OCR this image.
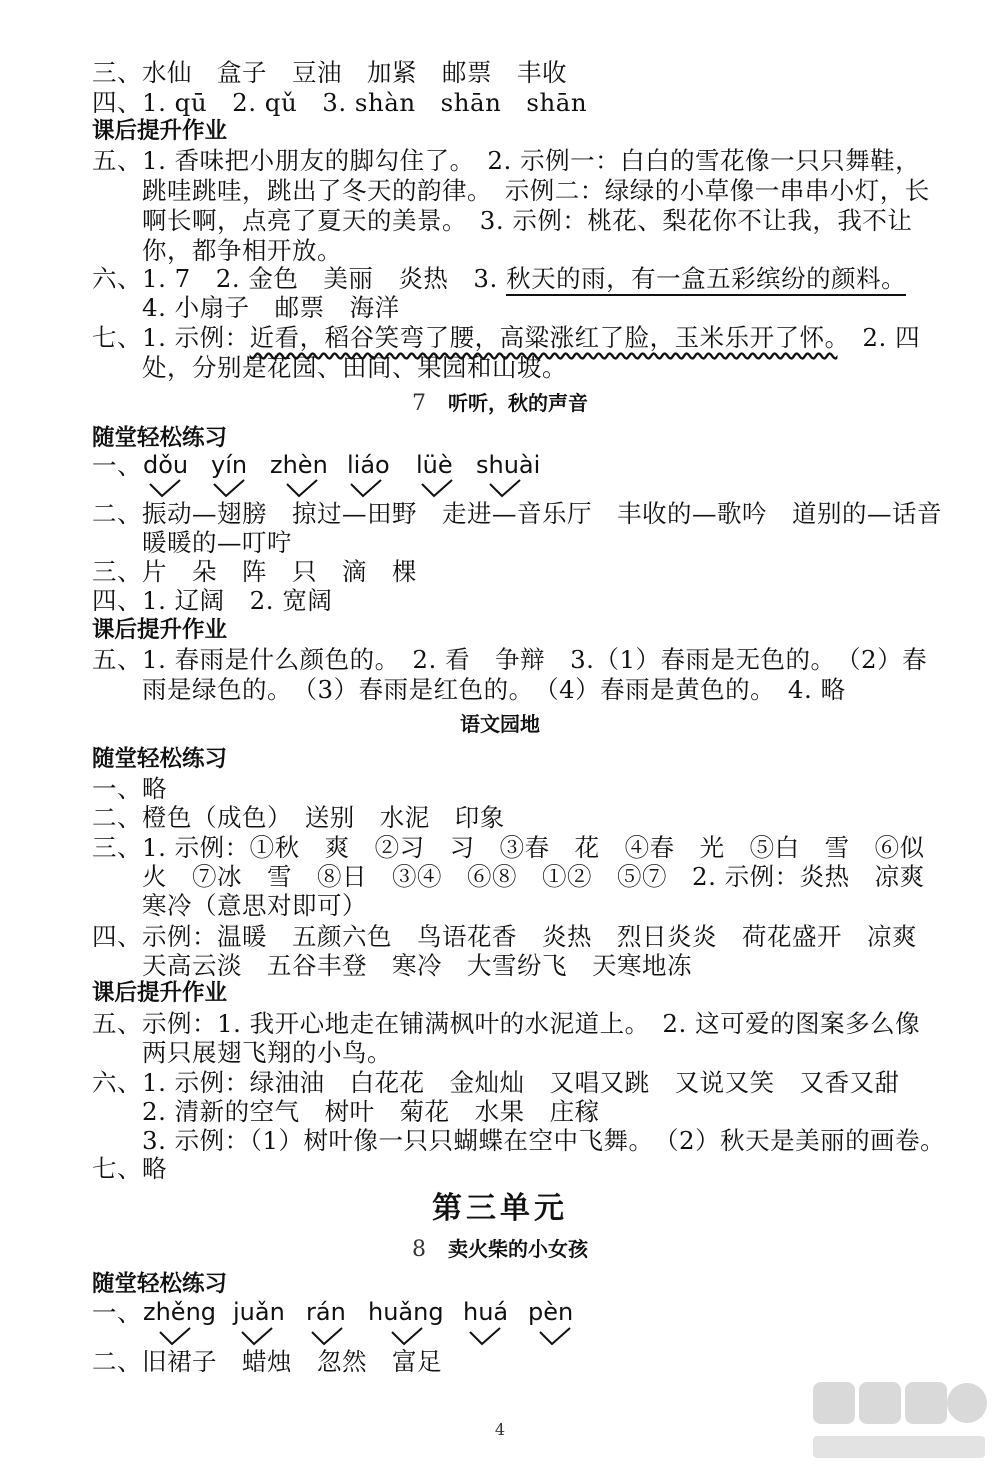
三、水仙　盒子　豆油　加紧　邮票　丰收
四、1. qū　2. qǔ　3. shàn　shān　shān
课后提升作业
五、1. 香味把小朋友的脚勾住了。　2. 示例一：白白的雪花像一只只舞鞋，
跳哇跳哇，跳出了冬天的韵律。　示例二：绿绿的小草像一串串小灯，长
啊长啊，点亮了夏天的美景。　3. 示例：桃花、梨花你不让我，我不让
你，都争相开放。
六、1. 7　2. 金色　美丽　炎热　3. 秋天的雨，有一盒五彩缤纷的颜料。
4. 小扇子　邮票　海洋
七、1. 示例：近看，稻谷笑弯了腰，高粱涨红了脸，玉米乐开了怀。　2. 四
处，分别是花园、田间、果园和山坡。
7 听听，秋的声音
随堂轻松练习
一、 dǒu yín zhèn liáo lüè shuài
二、振动—翅膀　掠过—田野　走进—音乐厅　丰收的—歌吟　道别的—话音
暖暖的—叮咛
三、片　朵　阵　只　滴　棵
四、1. 辽阔　2. 宽阔
课后提升作业
五、1. 春雨是什么颜色的。　2. 看　争辩　3.（1）春雨是无色的。　（2）春
雨是绿色的。　（3）春雨是红色的。　（4）春雨是黄色的。　4. 略
语文园地
随堂轻松练习
一、略
二、橙色（成色）　送别　水泥　印象
三、1. 示例：①秋　爽　②习　习　③春　花　④春　光　⑤白　雪　⑥似
火　⑦冰　雪　⑧日　③④　⑥⑧　①②　⑤⑦　2. 示例：炎热　凉爽
寒冷（意思对即可）
四、示例：温暖　五颜六色　鸟语花香　炎热　烈日炎炎　荷花盛开　凉爽
天高云淡　五谷丰登　寒冷　大雪纷飞　天寒地冻
课后提升作业
五、示例：1. 我开心地走在铺满枫叶的水泥道上。　2. 这可爱的图案多么像
两只展翅飞翔的小鸟。
六、1. 示例：绿油油　白花花　金灿灿　又唱又跳　又说又笑　又香又甜
2. 清新的空气　树叶　菊花　水果　庄稼
3. 示例：（1）树叶像一只只蝴蝶在空中飞舞。　（2）秋天是美丽的画卷。
七、略
第三单元
8 卖火柴的小女孩
随堂轻松练习
一、 zhěng juǎn rán huǎng huá pèn
二、旧裙子　蜡烛　忽然　富足
4
